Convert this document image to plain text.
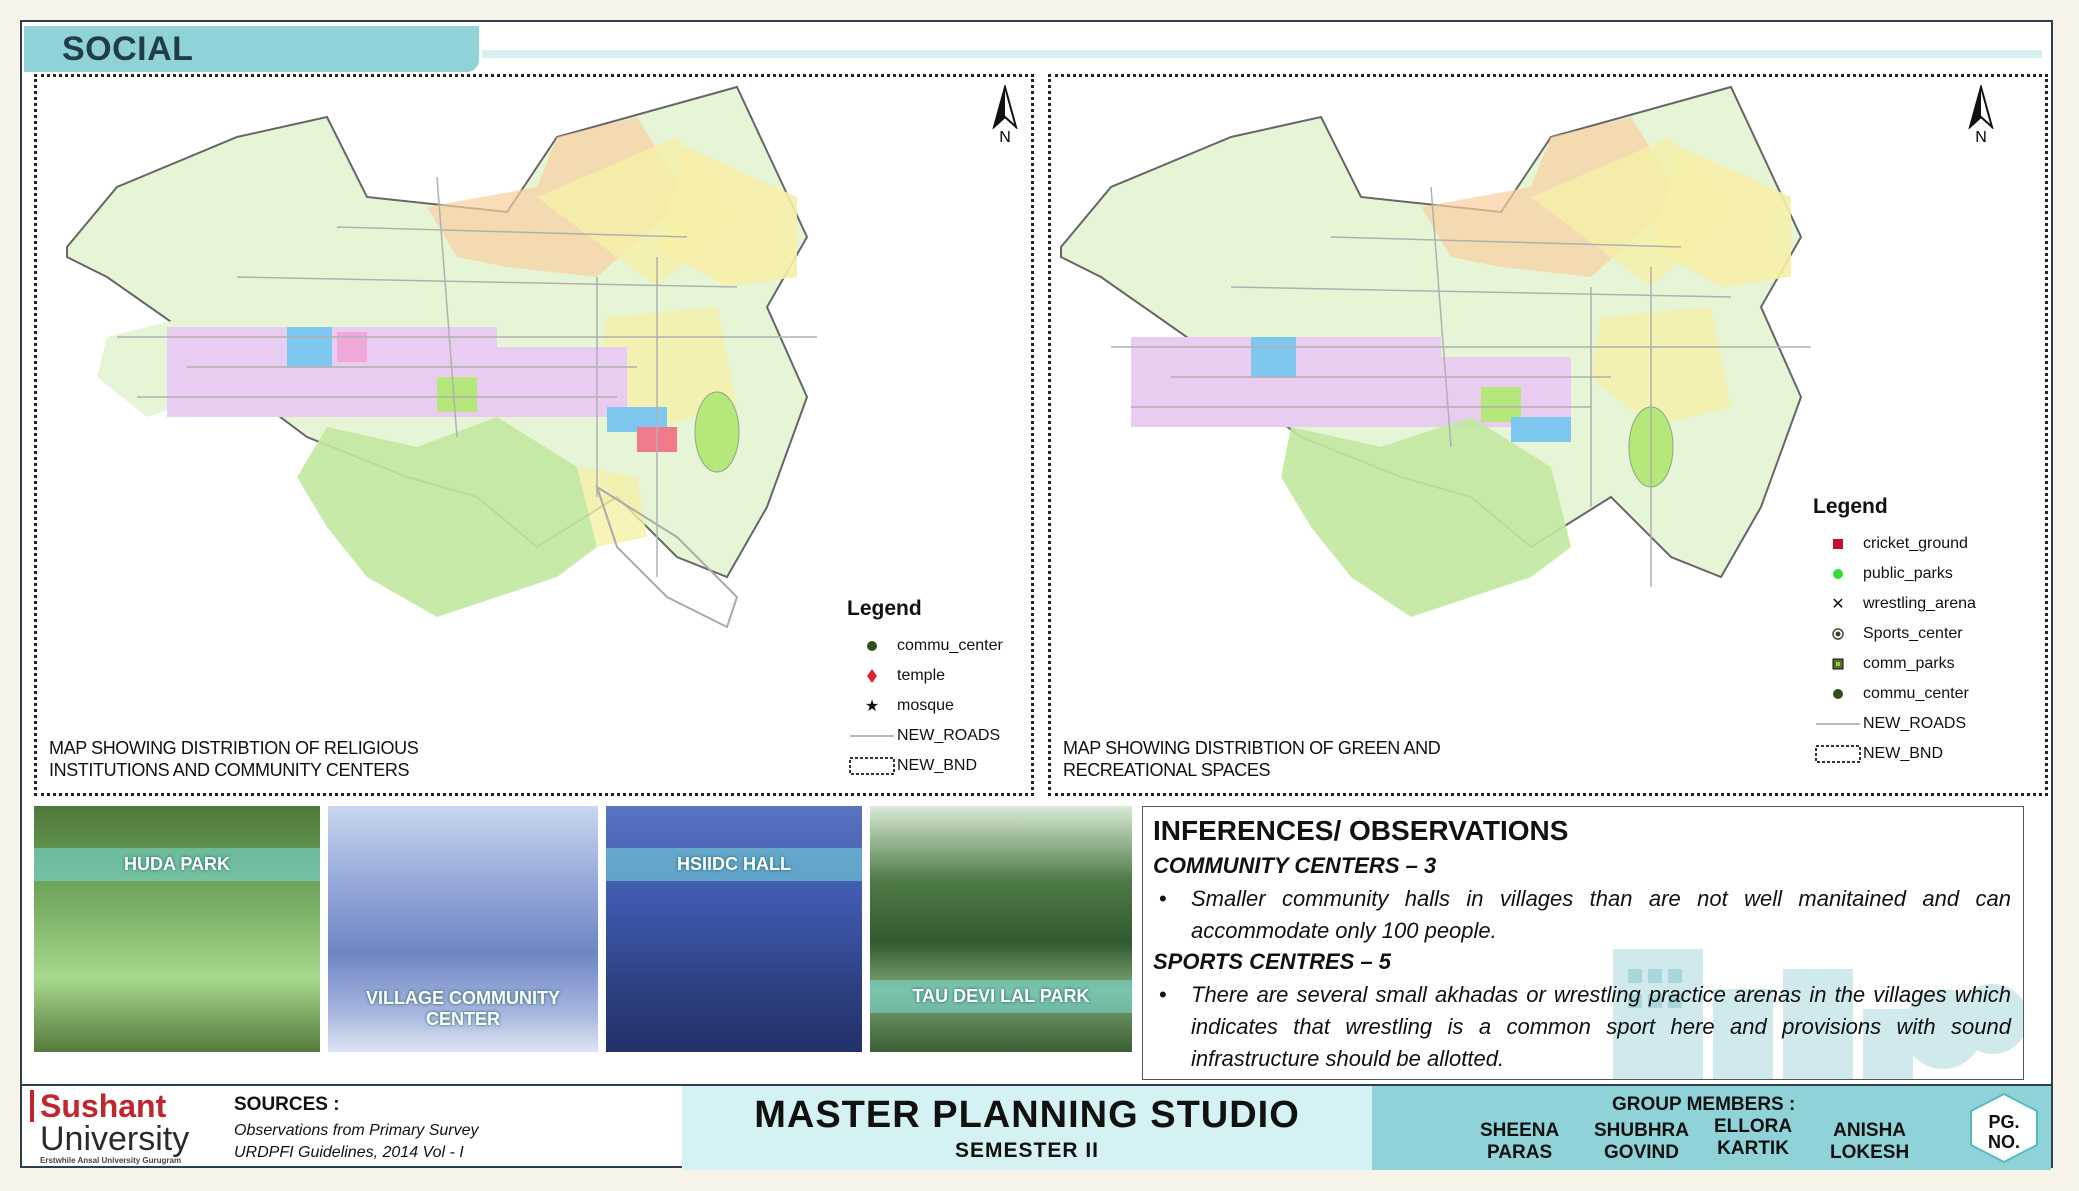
SOCIAL
N
Legend
commu_center
temple
★	mosque
NEW_ROADS
NEW_BND
MAP SHOWING DISTRIBTION OF RELIGIOUS
INSTITUTIONS AND COMMUNITY CENTERS
N
Legend
cricket_ground
public_parks
✕	wrestling_arena
Sports_center
comm_parks
commu_center
NEW_ROADS
NEW_BND
MAP SHOWING DISTRIBTION OF GREEN AND
RECREATIONAL SPACES
HUDA PARK
VILLAGE COMMUNITY
CENTER
HSIIDC HALL
TAU DEVI LAL PARK
INFERENCES/ OBSERVATIONS
COMMUNITY CENTERS – 3
• Smaller community halls in villages than are not well manitained and can accommodate only 100 people.
SPORTS CENTRES – 5
• There are several small akhadas or wrestling practice arenas in the villages which indicates that wrestling is a common sport here and provisions with sound infrastructure should be allotted.
Sushant
University
Erstwhile Ansal University Gurugram
SOURCES :
Observations from Primary Survey
URDPFI Guidelines, 2014 Vol - I
MASTER PLANNING STUDIO
SEMESTER II
GROUP MEMBERS :
SHEENA
PARAS
SHUBHRA
GOVIND
ELLORA
KARTIK
ANISHA
LOKESH
PG.
NO.
